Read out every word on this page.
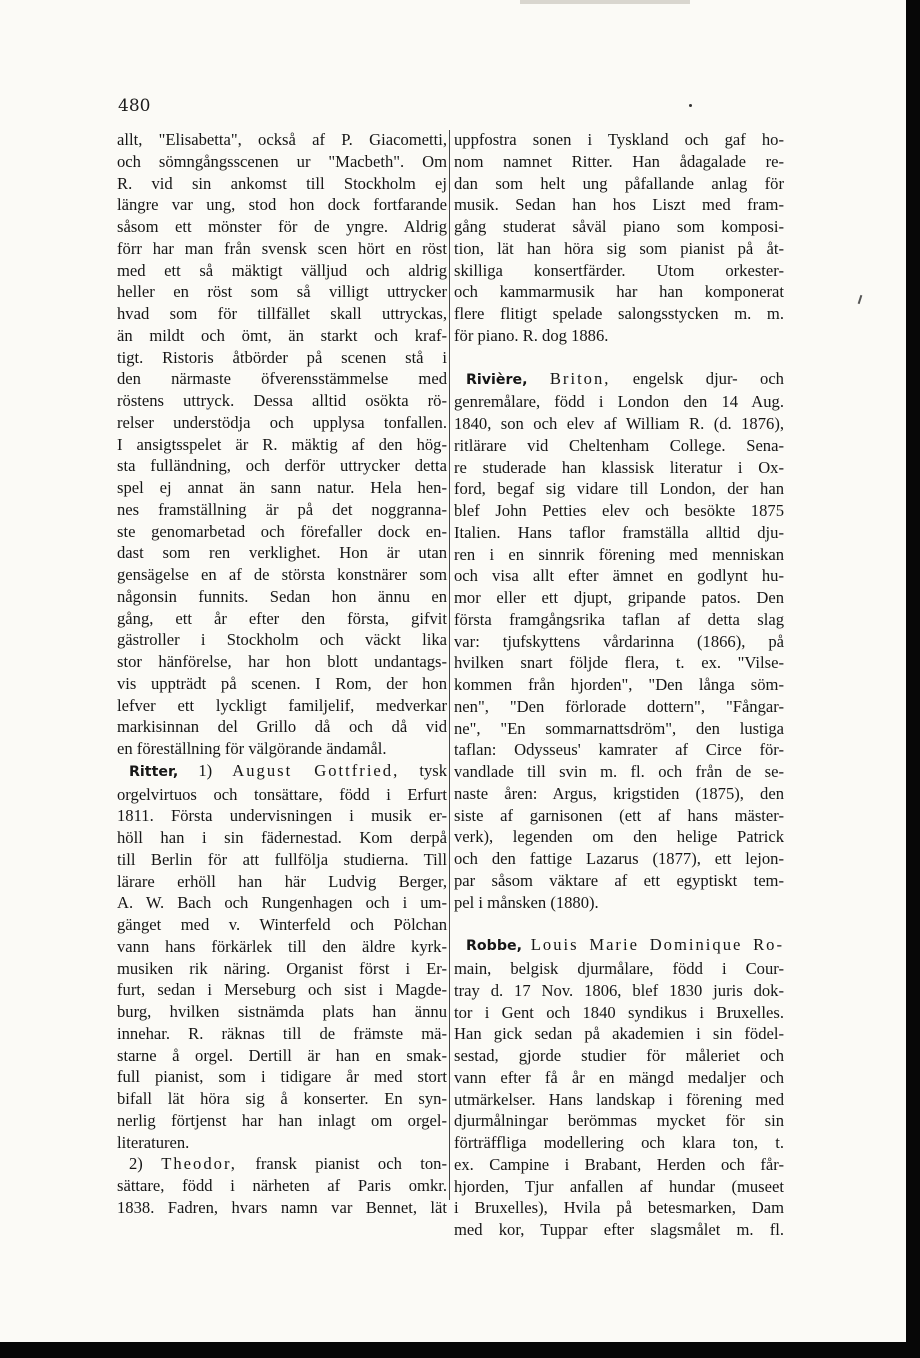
480

allt, "Elisabetta", också af P. Giacometti,

och sömngångsscenen ur "Macbeth". Om

R. vid sin ankomst till Stockholm ej

längre var ung, stod hon dock fortfarande

såsom ett mönster för de yngre. Aldrig

förr har man från svensk scen hört en röst

med ett så mäktigt välljud och aldrig

heller en röst som så villigt uttrycker

hvad som för tillfället skall uttryckas,

än mildt och ömt, än starkt och kraf-

tigt. Ristoris åtbörder på scenen stå i

den närmaste öfverensstämmelse med

röstens uttryck. Dessa alltid osökta rö-

relser understödja och upplysa tonfallen.

I ansigtsspelet är R. mäktig af den hög-

sta fulländning, och derför uttrycker detta

spel ej annat än sann natur. Hela hen-

nes framställning är på det noggranna-

ste genomarbetad och förefaller dock en-

dast som ren verklighet. Hon är utan

gensägelse en af de största konstnärer som

någonsin funnits. Sedan hon ännu en

gång, ett år efter den första, gifvit

gästroller i Stockholm och väckt lika

stor hänförelse, har hon blott undantags-

vis uppträdt på scenen. I Rom, der hon

lefver ett lyckligt familjelif, medverkar

markisinnan del Grillo då och då vid

en föreställning för välgörande ändamål.

Ritter, 1) August Gottfried, tysk

orgelvirtuos och tonsättare, född i Erfurt

1811. Första undervisningen i musik er-

höll han i sin fädernestad. Kom derpå

till Berlin för att fullfölja studierna. Till

lärare erhöll han här Ludvig Berger,

A. W. Bach och Rungenhagen och i um-

gänget med v. Winterfeld och Pölchan

vann hans förkärlek till den äldre kyrk-

musiken rik näring. Organist först i Er-

furt, sedan i Merseburg och sist i Magde-

burg, hvilken sistnämda plats han ännu

innehar. R. räknas till de främste mä-

starne å orgel. Dertill är han en smak-

full pianist, som i tidigare år med stort

bifall lät höra sig å konserter. En syn-

nerlig förtjenst har han inlagt om orgel-

literaturen.

2) Theodor, fransk pianist och ton-

sättare, född i närheten af Paris omkr.

1838. Fadren, hvars namn var Bennet, lät

uppfostra sonen i Tyskland och gaf ho-

nom namnet Ritter. Han ådagalade re-

dan som helt ung påfallande anlag för

musik. Sedan han hos Liszt med fram-

gång studerat såväl piano som komposi-

tion, lät han höra sig som pianist på åt-

skilliga konsertfärder. Utom orkester-

och kammarmusik har han komponerat

flere flitigt spelade salongsstycken m. m.

för piano. R. dog 1886.

Rivière, Briton, engelsk djur- och

genremålare, född i London den 14 Aug.

1840, son och elev af William R. (d. 1876),

ritlärare vid Cheltenham College. Sena-

re studerade han klassisk literatur i Ox-

ford, begaf sig vidare till London, der han

blef John Petties elev och besökte 1875

Italien. Hans taflor framställa alltid dju-

ren i en sinnrik förening med menniskan

och visa allt efter ämnet en godlynt hu-

mor eller ett djupt, gripande patos. Den

första framgångsrika taflan af detta slag

var: tjufskyttens vårdarinna (1866), på

hvilken snart följde flera, t. ex. "Vilse-

kommen från hjorden", "Den långa söm-

nen", "Den förlorade dottern", "Fångar-

ne", "En sommarnattsdröm", den lustiga

taflan: Odysseus' kamrater af Circe för-

vandlade till svin m. fl. och från de se-

naste åren: Argus, krigstiden (1875), den

siste af garnisonen (ett af hans mäster-

verk), legenden om den helige Patrick

och den fattige Lazarus (1877), ett lejon-

par såsom väktare af ett egyptiskt tem-

pel i månsken (1880).

Robbe, Louis Marie Dominique Ro-

main, belgisk djurmålare, född i Cour-

tray d. 17 Nov. 1806, blef 1830 juris dok-

tor i Gent och 1840 syndikus i Bruxelles.

Han gick sedan på akademien i sin födel-

sestad, gjorde studier för måleriet och

vann efter få år en mängd medaljer och

utmärkelser. Hans landskap i förening med

djurmålningar berömmas mycket för sin

förträffliga modellering och klara ton, t.

ex. Campine i Brabant, Herden och får-

hjorden, Tjur anfallen af hundar (museet

i Bruxelles), Hvila på betesmarken, Dam

med kor, Tuppar efter slagsmålet m. fl.
